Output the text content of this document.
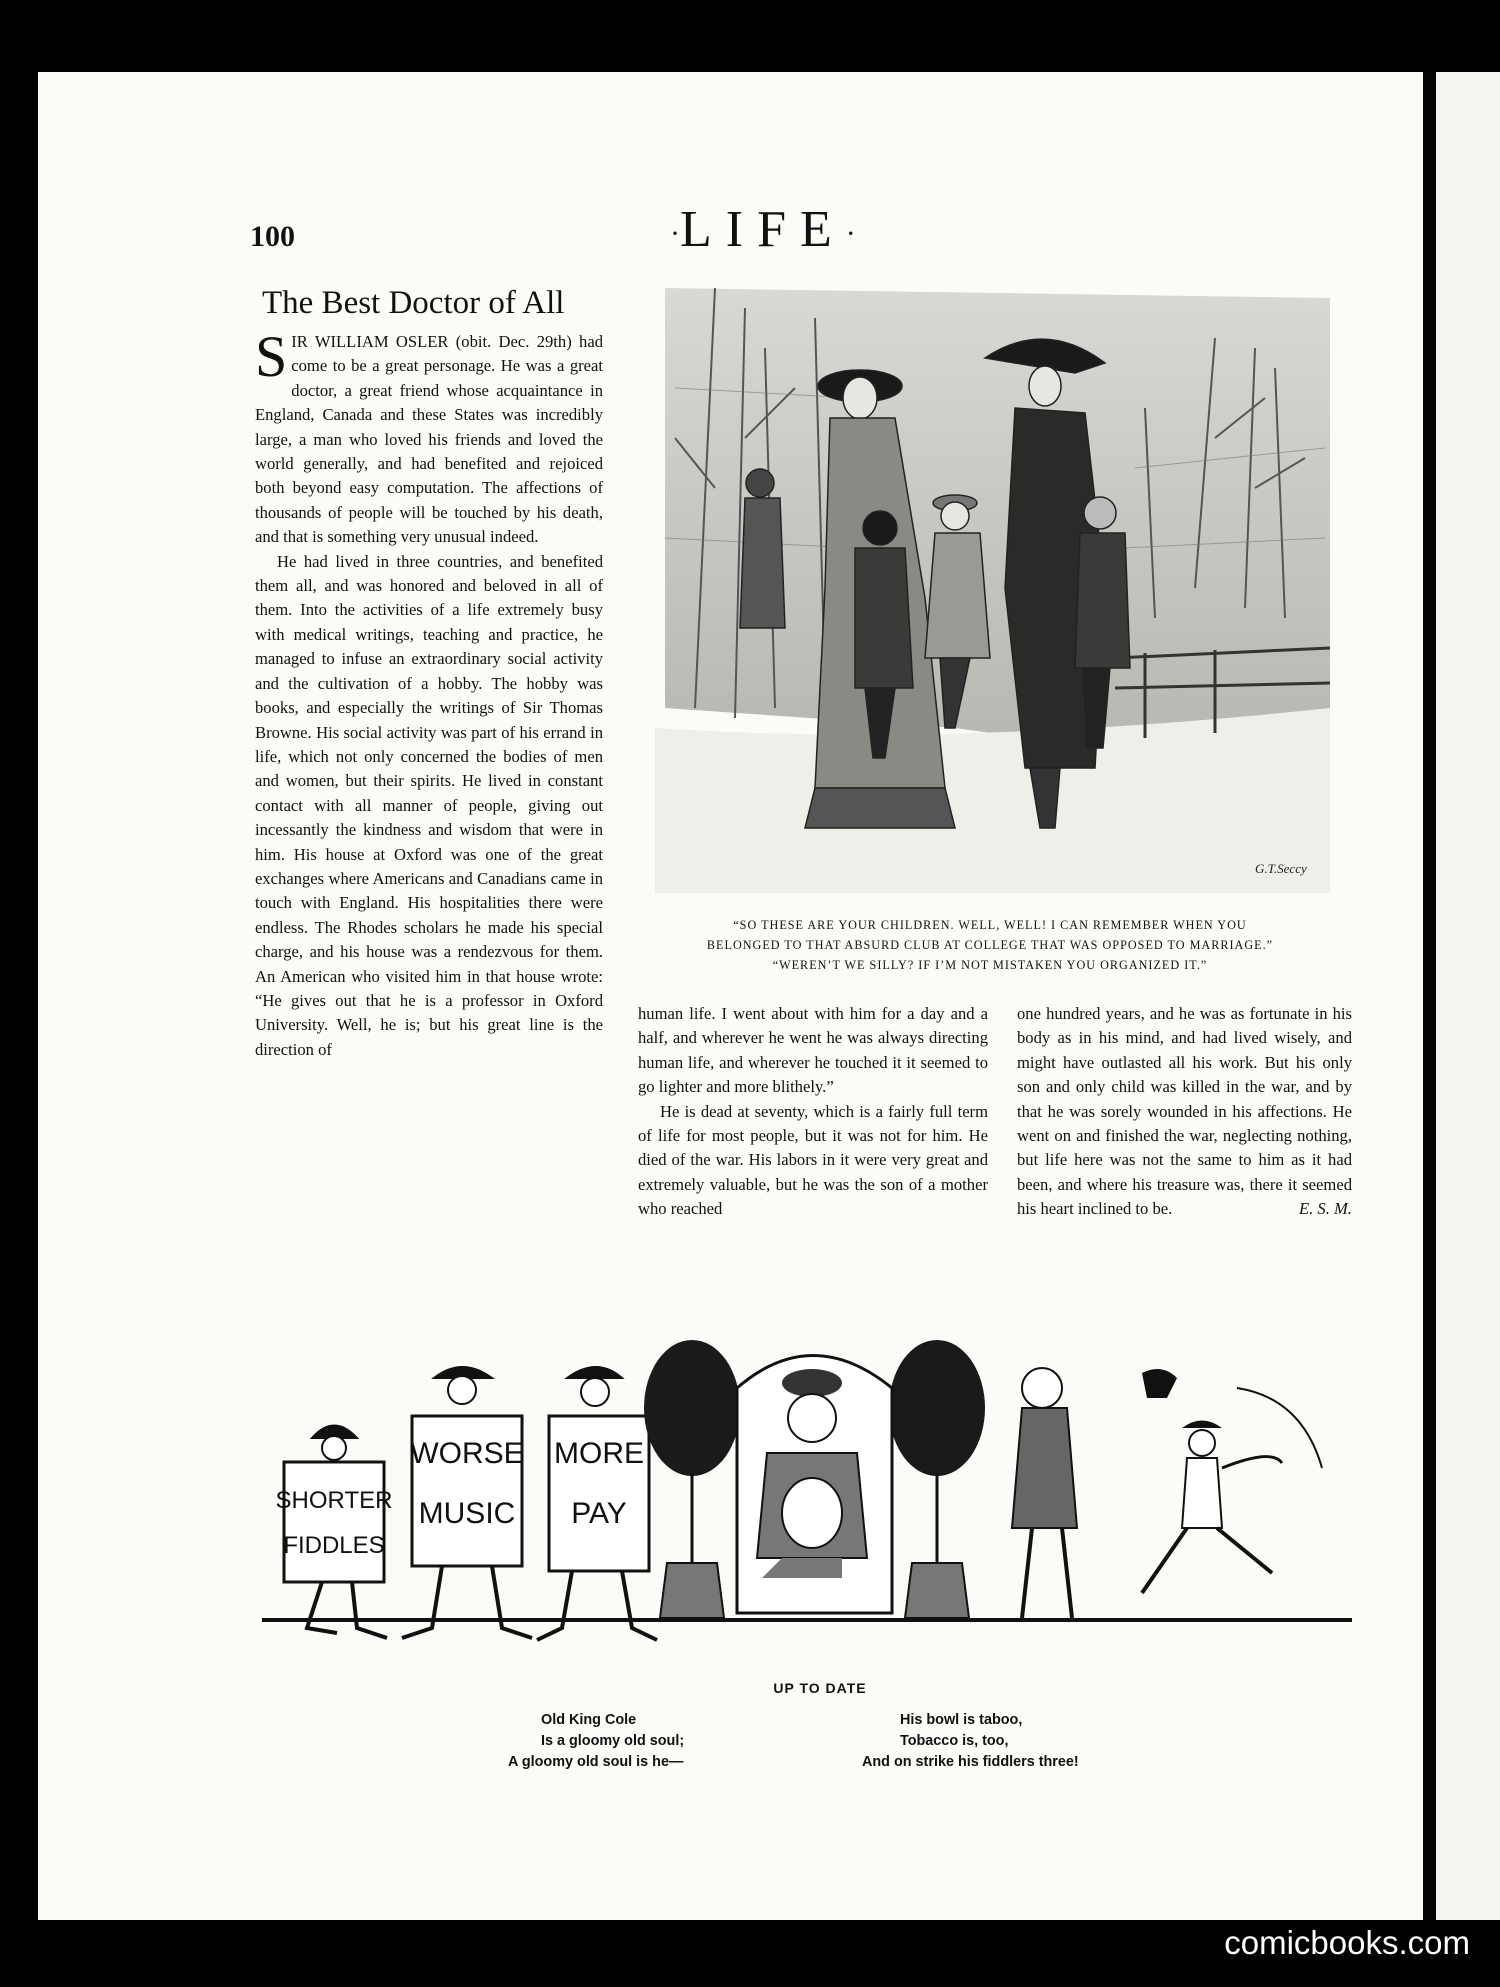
100	·LIFE·
The Best Doctor of All

SIR WILLIAM OSLER (obit. Dec. 29th) had come to be a great personage. He was a great doctor, a great friend whose acquaintance in England, Canada and these States was incredibly large, a man who loved his friends and loved the world generally, and had benefited and rejoiced both beyond easy computation. The affections of thousands of people will be touched by his death, and that is something very unusual indeed.

He had lived in three countries, and benefited them all, and was honored and beloved in all of them. Into the activities of a life extremely busy with medical writings, teaching and practice, he managed to infuse an extraordinary social activity and the cultivation of a hobby. The hobby was books, and especially the writings of Sir Thomas Browne. His social activity was part of his errand in life, which not only concerned the bodies of men and women, but their spirits. He lived in constant contact with all manner of people, giving out incessantly the kindness and wisdom that were in him. His house at Oxford was one of the great exchanges where Americans and Canadians came in touch with England. His hospitalities there were endless. The Rhodes scholars he made his special charge, and his house was a rendezvous for them. An American who visited him in that house wrote: “He gives out that he is a professor in Oxford University. Well, he is; but his great line is the direction of

human life. I went about with him for a day and a half, and wherever he went he was always directing human life, and wherever he touched it it seemed to go lighter and more blithely.”

He is dead at seventy, which is a fairly full term of life for most people, but it was not for him. He died of the war. His labors in it were very great and extremely valuable, but he was the son of a mother who reached

one hundred years, and he was as fortunate in his body as in his mind, and had lived wisely, and might have outlasted all his work. But his only son and only child was killed in the war, and by that he was sorely wounded in his affections. He went on and finished the war, neglecting nothing, but life here was not the same to him as it had been, and where his treasure was, there it seemed his heart inclined to be.	E. S. M.

G.T.Seccy
“SO THESE ARE YOUR CHILDREN. WELL, WELL! I CAN REMEMBER WHEN YOU
BELONGED TO THAT ABSURD CLUB AT COLLEGE THAT WAS OPPOSED TO MARRIAGE.”
“WEREN’T WE SILLY? IF I’M NOT MISTAKEN YOU ORGANIZED IT.”
SHORTER
FIDDLES
WORSE
MUSIC
MORE
PAY
UP TO DATE
Old King Cole
Is a gloomy old soul;
A gloomy old soul is he—
His bowl is taboo,
Tobacco is, too,
And on strike his fiddlers three!
comicbooks.com
